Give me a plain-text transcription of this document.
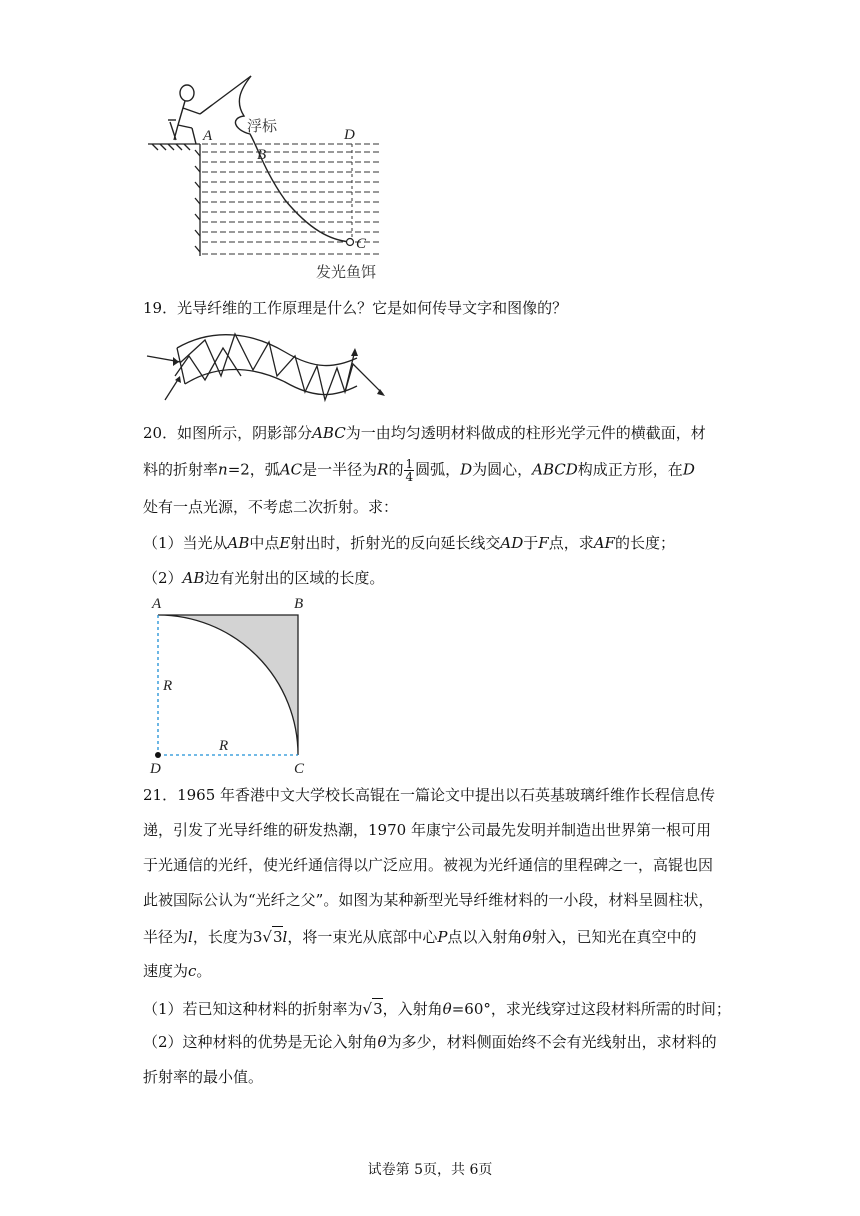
A
B
D
C
浮标
发光鱼饵
19．光导纤维的工作原理是什么？它是如何传导文字和图像的？
20．如图所示，阴影部分ABC为一由均匀透明材料做成的柱形光学元件的横截面，材
料的折射率n=2，弧AC是一半径为R的 $\frac{1}{4}$ 圆弧，D为圆心，ABCD构成正方形，在D
处有一点光源，不考虑二次折射。求：
（1）当光从AB中点E射出时，折射光的反向延长线交AD于F点，求AF的长度；
（2）AB边有光射出的区域的长度。
A	B
C
D
R
R
21．1965 年香港中文大学校长高锟在一篇论文中提出以石英基玻璃纤维作长程信息传
递，引发了光导纤维的研发热潮，1970 年康宁公司最先发明并制造出世界第一根可用
于光通信的光纤，使光纤通信得以广泛应用。被视为光纤通信的里程碑之一，高锟也因
此被国际公认为“光纤之父”。如图为某种新型光导纤维材料的一小段，材料呈圆柱状，
半径为l，长度为3√3l，将一束光从底部中心P点以入射角θ射入，已知光在真空中的
速度为c。
（1）若已知这种材料的折射率为√3，入射角θ=60°，求光线穿过这段材料所需的时间；
（2）这种材料的优势是无论入射角θ为多少，材料侧面始终不会有光线射出，求材料的
折射率的最小值。
试卷第 5页，共 6页
